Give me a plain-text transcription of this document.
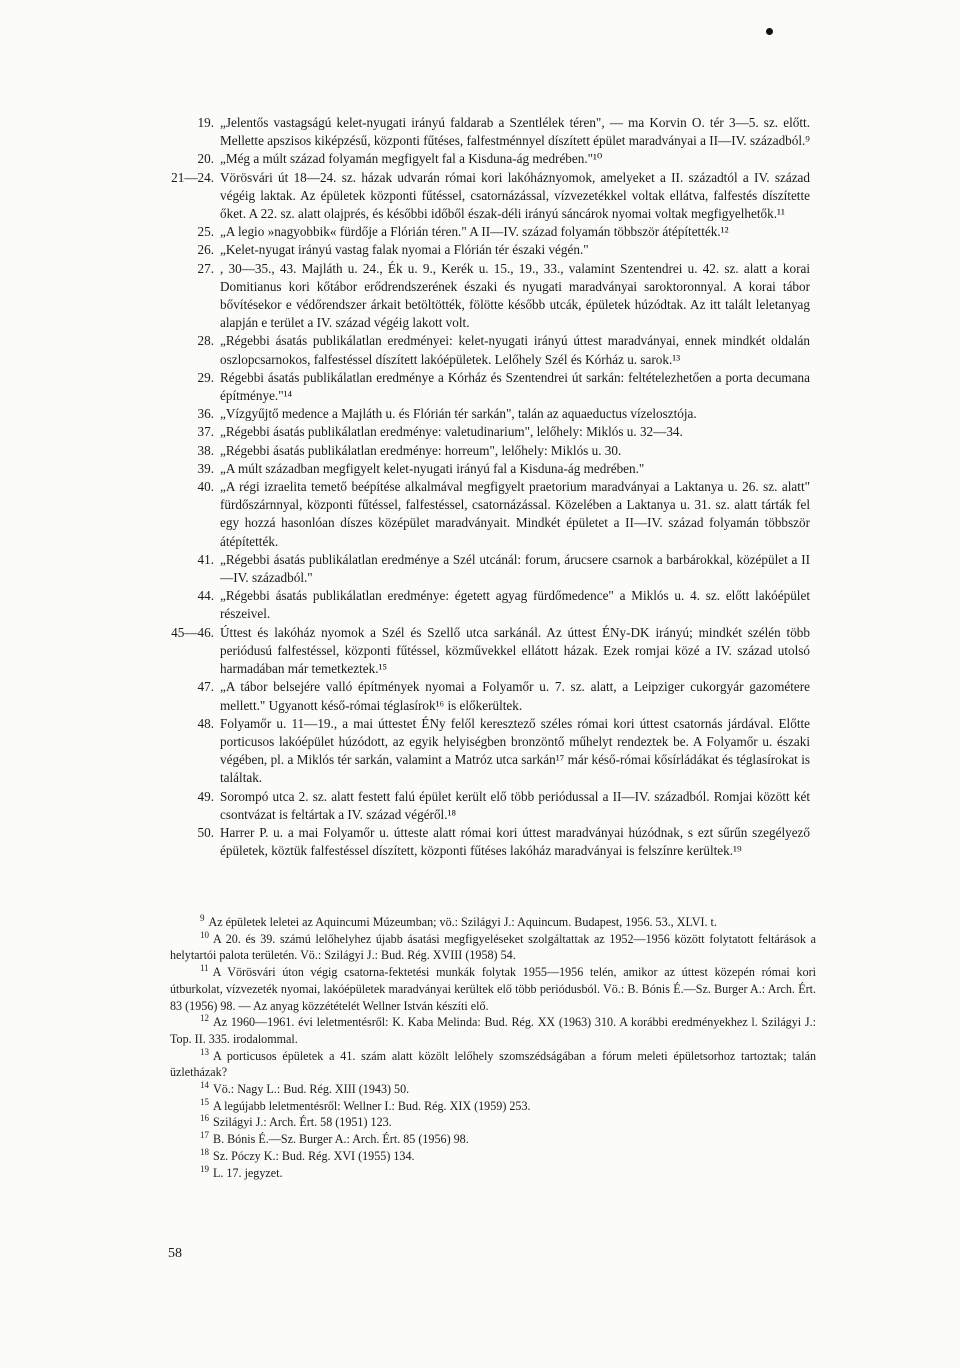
19. „Jelentős vastagságú kelet-nyugati irányú faldarab a Szentlélek téren", — ma Korvin O. tér 3—5. sz. előtt. Mellette apszisos kiképzésű, központi fűtéses, falfestménnyel díszített épület maradványai a II—IV. századból.⁹
20. „Még a múlt század folyamán megfigyelt fal a Kisduna-ág medrében."¹⁰
21—24. Vörösvári út 18—24. sz. házak udvarán római kori lakóháznyomok, amelyeket a II. századtól a IV. század végéig laktak. Az épületek központi fűtéssel, csatornázással, vízvezetékkel voltak ellátva, falfestés díszítette őket. A 22. sz. alatt olajprés, és későbbi időből észak-déli irányú sáncárok nyomai voltak megfigyelhetők.¹¹
25. „A legio »nagyobbik« fürdője a Flórián téren." A II—IV. század folyamán többször átépítették.¹²
26. „Kelet-nyugat irányú vastag falak nyomai a Flórián tér északi végén."
27. , 30—35., 43. Majláth u. 24., Ék u. 9., Kerék u. 15., 19., 33., valamint Szentendrei u. 42. sz. alatt a korai Domitianus kori kőtábor erődrendszerének északi és nyugati maradványai saroktoronnyal. A korai tábor bővítésekor e védőrendszer árkait betöltötték, fölötte később utcák, épületek húzódtak. Az itt talált leletanyag alapján e terület a IV. század végéig lakott volt.
28. „Régebbi ásatás publikálatlan eredményei: kelet-nyugati irányú úttest maradványai, ennek mindkét oldalán oszlopcsarnokos, falfestéssel díszített lakóépületek. Lelőhely Szél és Kórház u. sarok.¹³
29. Régebbi ásatás publikálatlan eredménye a Kórház és Szentendrei út sarkán: feltételezhetően a porta decumana építménye."¹⁴
36. „Vízgyűjtő medence a Majláth u. és Flórián tér sarkán", talán az aquaeductus vízelosztója.
37. „Régebbi ásatás publikálatlan eredménye: valetudinarium", lelőhely: Miklós u. 32—34.
38. „Régebbi ásatás publikálatlan eredménye: horreum", lelőhely: Miklós u. 30.
39. „A múlt században megfigyelt kelet-nyugati irányú fal a Kisduna-ág medrében."
40. „A régi izraelita temető beépítése alkalmával megfigyelt praetorium maradványai a Laktanya u. 26. sz. alatt" fürdőszárnnyal, központi fűtéssel, falfestéssel, csatornázással. Közelében a Laktanya u. 31. sz. alatt tárták fel egy hozzá hasonlóan díszes középület maradványait. Mindkét épületet a II—IV. század folyamán többször átépítették.
41. „Régebbi ásatás publikálatlan eredménye a Szél utcánál: forum, árucsere csarnok a barbárokkal, középület a II—IV. századból."
44. „Régebbi ásatás publikálatlan eredménye: égetett agyag fürdőmedence" a Miklós u. 4. sz. előtt lakóépület részeivel.
45—46. Úttest és lakóház nyomok a Szél és Szellő utca sarkánál. Az úttest ÉNy-DK irányú; mindkét szélén több periódusú falfestéssel, központi fűtéssel, közművekkel ellátott házak. Ezek romjai közé a IV. század utolsó harmadában már temetkeztek.¹⁵
47. „A tábor belsejére valló építmények nyomai a Folyamőr u. 7. sz. alatt, a Leipziger cukorgyár gazométere mellett." Ugyanott késő-római téglasírok¹⁶ is előkerültek.
48. Folyamőr u. 11—19., a mai úttestet ÉNy felől keresztező széles római kori úttest csatornás járdával. Előtte porticusos lakóépület húzódott, az egyik helyiségben bronzöntő műhelyt rendeztek be. A Folyamőr u. északi végében, pl. a Miklós tér sarkán, valamint a Matróz utca sarkán¹⁷ már késő-római kősírládákat és téglasírokat is találtak.
49. Sorompó utca 2. sz. alatt festett falú épület került elő több periódussal a II—IV. századból. Romjai között két csontvázat is feltártak a IV. század végéről.¹⁸
50. Harrer P. u. a mai Folyamőr u. úttestе alatt római kori úttest maradványai húzódnak, s ezt sűrűn szegélyező épületek, köztük falfestéssel díszített, központi fűtéses lakóház maradványai is felszínre kerültek.¹⁹

$^9$ Az épületek leletei az Aquincumi Múzeumban; vö.: Szilágyi J.: Aquincum. Budapest, 1956. 53., XLVI. t.

$^{10}$ A 20. és 39. számú lelőhelyhez újabb ásatási megfigyeléseket szolgáltattak az 1952—1956 között folytatott feltárások a helytartói palota területén. Vö.: Szilágyi J.: Bud. Rég. XVIII (1958) 54.

$^{11}$ A Vörösvári úton végig csatorna-fektetési munkák folytak 1955—1956 telén, amikor az úttest közepén római kori útburkolat, vízvezeték nyomai, lakóépületek maradványai kerültek elő több periódusból. Vö.: B. Bónis É.—Sz. Burger A.: Arch. Ért. 83 (1956) 98. — Az anyag közzétételét Wellner István készíti elő.

$^{12}$ Az 1960—1961. évi leletmentésről: K. Kaba Melinda: Bud. Rég. XX (1963) 310. A korábbi eredményekhez l. Szilágyi J.: Top. II. 335. irodalommal.

$^{13}$ A porticusos épületek a 41. szám alatt közölt lelőhely szomszédságában a fórum meleti épületsorhoz tartoztak; talán üzletházak?

$^{14}$ Vö.: Nagy L.: Bud. Rég. XIII (1943) 50.

$^{15}$ A legújabb leletmentésről: Wellner I.: Bud. Rég. XIX (1959) 253.

$^{16}$ Szilágyi J.: Arch. Ért. 58 (1951) 123.

$^{17}$ B. Bónis É.—Sz. Burger A.: Arch. Ért. 85 (1956) 98.

$^{18}$ Sz. Póczy K.: Bud. Rég. XVI (1955) 134.

$^{19}$ L. 17. jegyzet.

58
